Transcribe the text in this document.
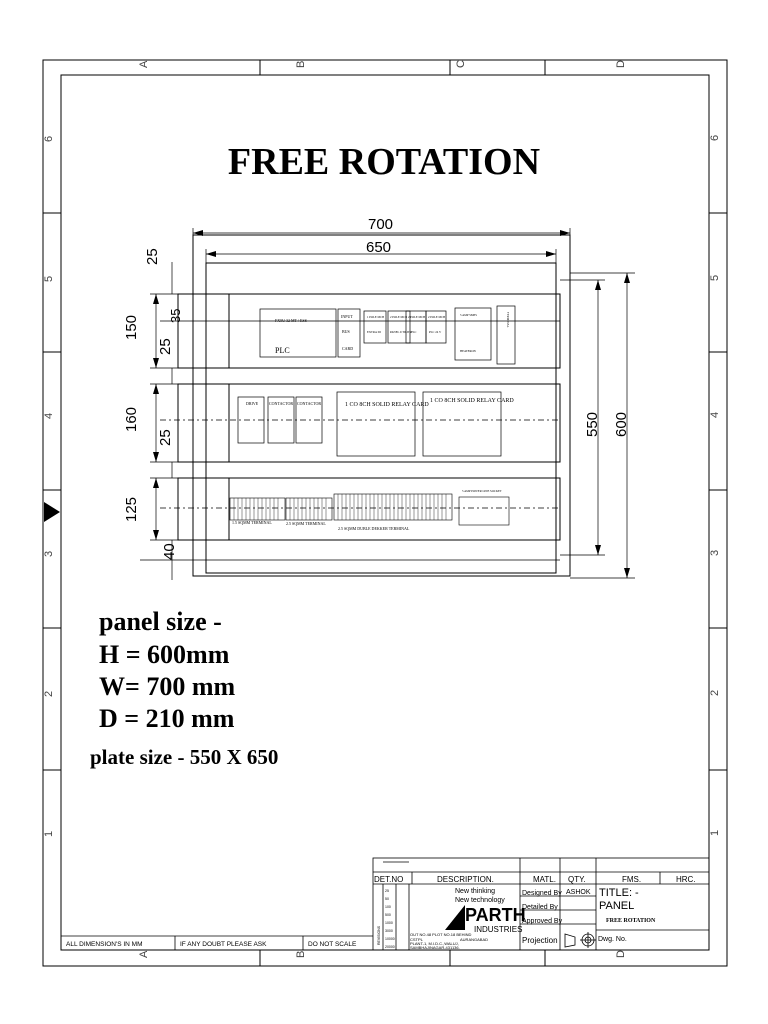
A	B	C	D
A	B	D
6
5
4
3
2
1
6
5
4
3
2
1
700
650
550 600
25
150 35
25
160
25
125
40
FX5U 32 MT / ESS
PLC
INPUT
BUS
CARD
1 POLE MCB
EXTRA DI
2 POLE MCB
PANEL UTILITY
2 POLE MCB
PLC
2 POLE MCB
PLC 24 V
5 AMP SMPS
HEATERON
TERMINAL
DRIVE	CONTACTOR CONTACTOR	1 CO 8CH SOLID RELAY CARD
1 CO 8CH SOLID RELAY CARD
1.5 SQMM TERMINAL	2.5 SQMM TERMINAL
2.5 SQMM DUBLE DEKKER TERMINAL
5 AMP POWER LINE SOCKET
DET.NO	DESCRIPTION.	MATL. QTY.	FMS.	HRC.
New thinking
New technology
PARTH
INDUSTRIES
OUT NO.48 PLOT NO.18 BEHIND
CSTPL
PLANT-1, M.I.D.C.,WALUJ,
AURANGABAD
SAMBHAJINAGAR-431136.
Designed By ASHOK
Detailed By
Approved By
Projection
TITLE: -
PANEL
FREE ROTATION
Dwg. No.
25
50
100
500
1000
3000
10000
20000
REVISIONS
ALL DIMENSION'S IN MM	IF ANY DOUBT PLEASE ASK	DO NOT SCALE
FREE ROTATION
panel size -
H = 600mm
W= 700 mm
D = 210 mm
plate size - 550 X 650
